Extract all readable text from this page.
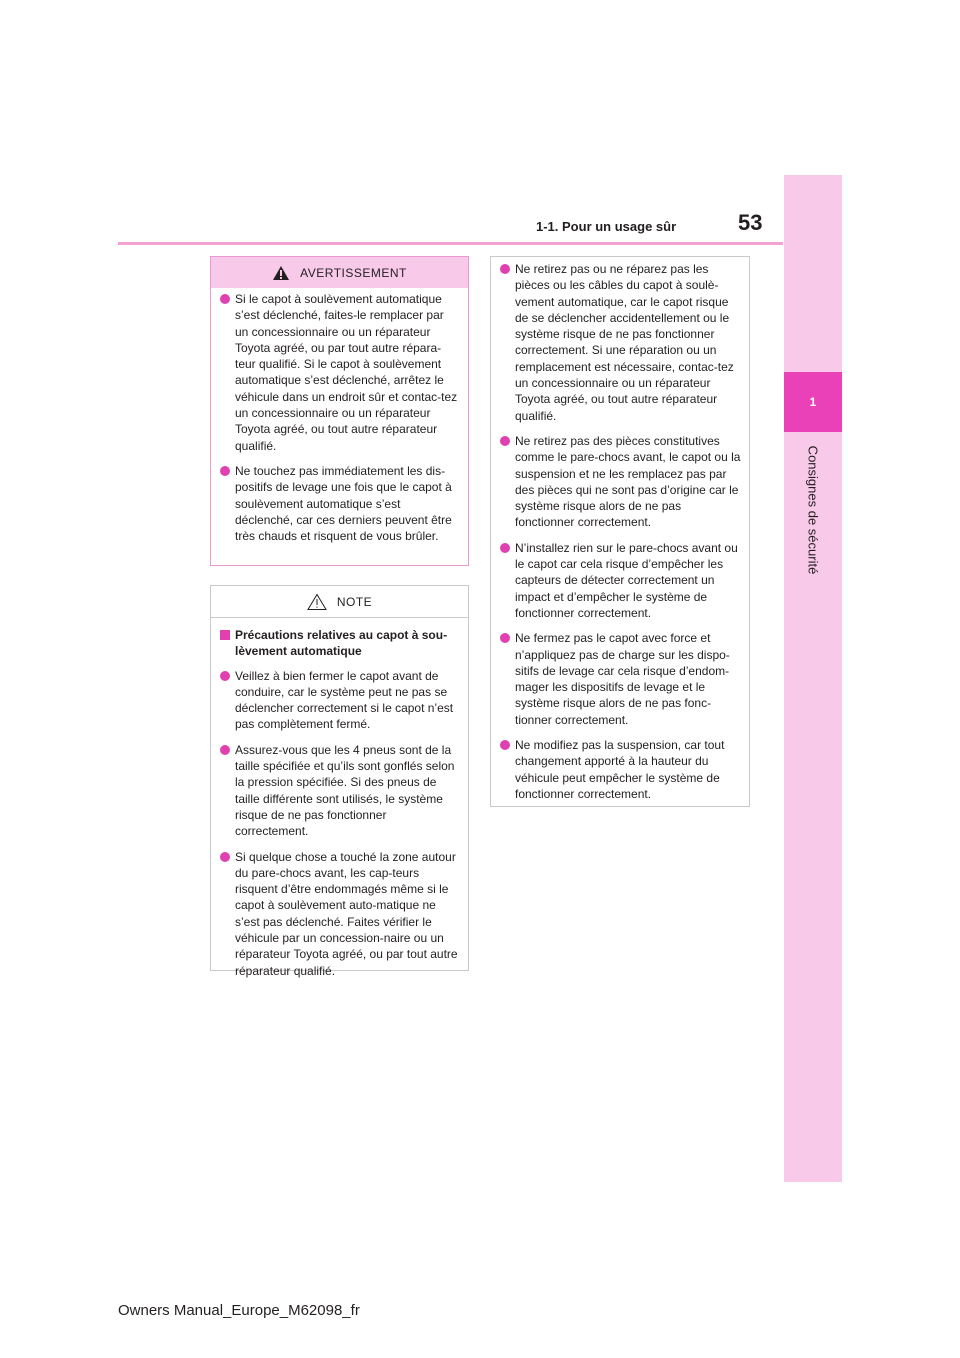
1-1. Pour un usage sûr	53
1
Consignes de sécurité
AVERTISSEMENT
Si le capot à soulèvement automatique s’est déclenché, faites-le remplacer par un concessionnaire ou un réparateur Toyota agréé, ou par tout autre répara-teur qualifié. Si le capot à soulèvement automatique s’est déclenché, arrêtez le véhicule dans un endroit sûr et contac-tez un concessionnaire ou un réparateur Toyota agréé, ou tout autre réparateur qualifié.
Ne touchez pas immédiatement les dis-positifs de levage une fois que le capot à soulèvement automatique s’est déclenché, car ces derniers peuvent être très chauds et risquent de vous brûler.
NOTE
Précautions relatives au capot à sou-lèvement automatique
Veillez à bien fermer le capot avant de conduire, car le système peut ne pas se déclencher correctement si le capot n’est pas complètement fermé.
Assurez-vous que les 4 pneus sont de la taille spécifiée et qu’ils sont gonflés selon la pression spécifiée. Si des pneus de taille différente sont utilisés, le système risque de ne pas fonctionner correctement.
Si quelque chose a touché la zone autour du pare-chocs avant, les cap-teurs risquent d’être endommagés même si le capot à soulèvement auto-matique ne s’est pas déclenché. Faites vérifier le véhicule par un concession-naire ou un réparateur Toyota agréé, ou par tout autre réparateur qualifié.
Ne retirez pas ou ne réparez pas les pièces ou les câbles du capot à soulè-vement automatique, car le capot risque de se déclencher accidentellement ou le système risque de ne pas fonctionner correctement. Si une réparation ou un remplacement est nécessaire, contac-tez un concessionnaire ou un réparateur Toyota agréé, ou tout autre réparateur qualifié.
Ne retirez pas des pièces constitutives comme le pare-chocs avant, le capot ou la suspension et ne les remplacez pas par des pièces qui ne sont pas d’origine car le système risque alors de ne pas fonctionner correctement.
N’installez rien sur le pare-chocs avant ou le capot car cela risque d’empêcher les capteurs de détecter correctement un impact et d’empêcher le système de fonctionner correctement.
Ne fermez pas le capot avec force et n’appliquez pas de charge sur les dispo-sitifs de levage car cela risque d’endom-mager les dispositifs de levage et le système risque alors de ne pas fonc-tionner correctement.
Ne modifiez pas la suspension, car tout changement apporté à la hauteur du véhicule peut empêcher le système de fonctionner correctement.
Owners Manual_Europe_M62098_fr
